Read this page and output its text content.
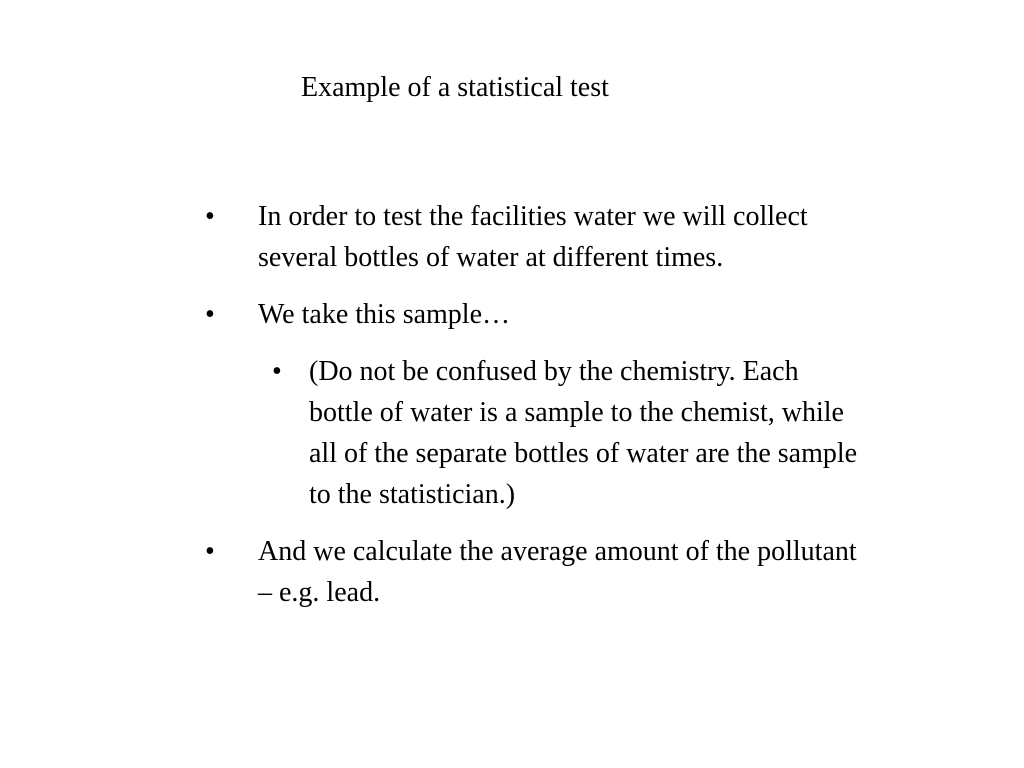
Example of a statistical test
•	In order to test the facilities water we will collect several bottles of water at different times.
•	We take this sample…
• (Do not be confused by the chemistry. Each bottle of water is a sample to the chemist, while all of the separate bottles of water are the sample to the statistician.)
•	And we calculate the average amount of the pollutant – e.g. lead.
